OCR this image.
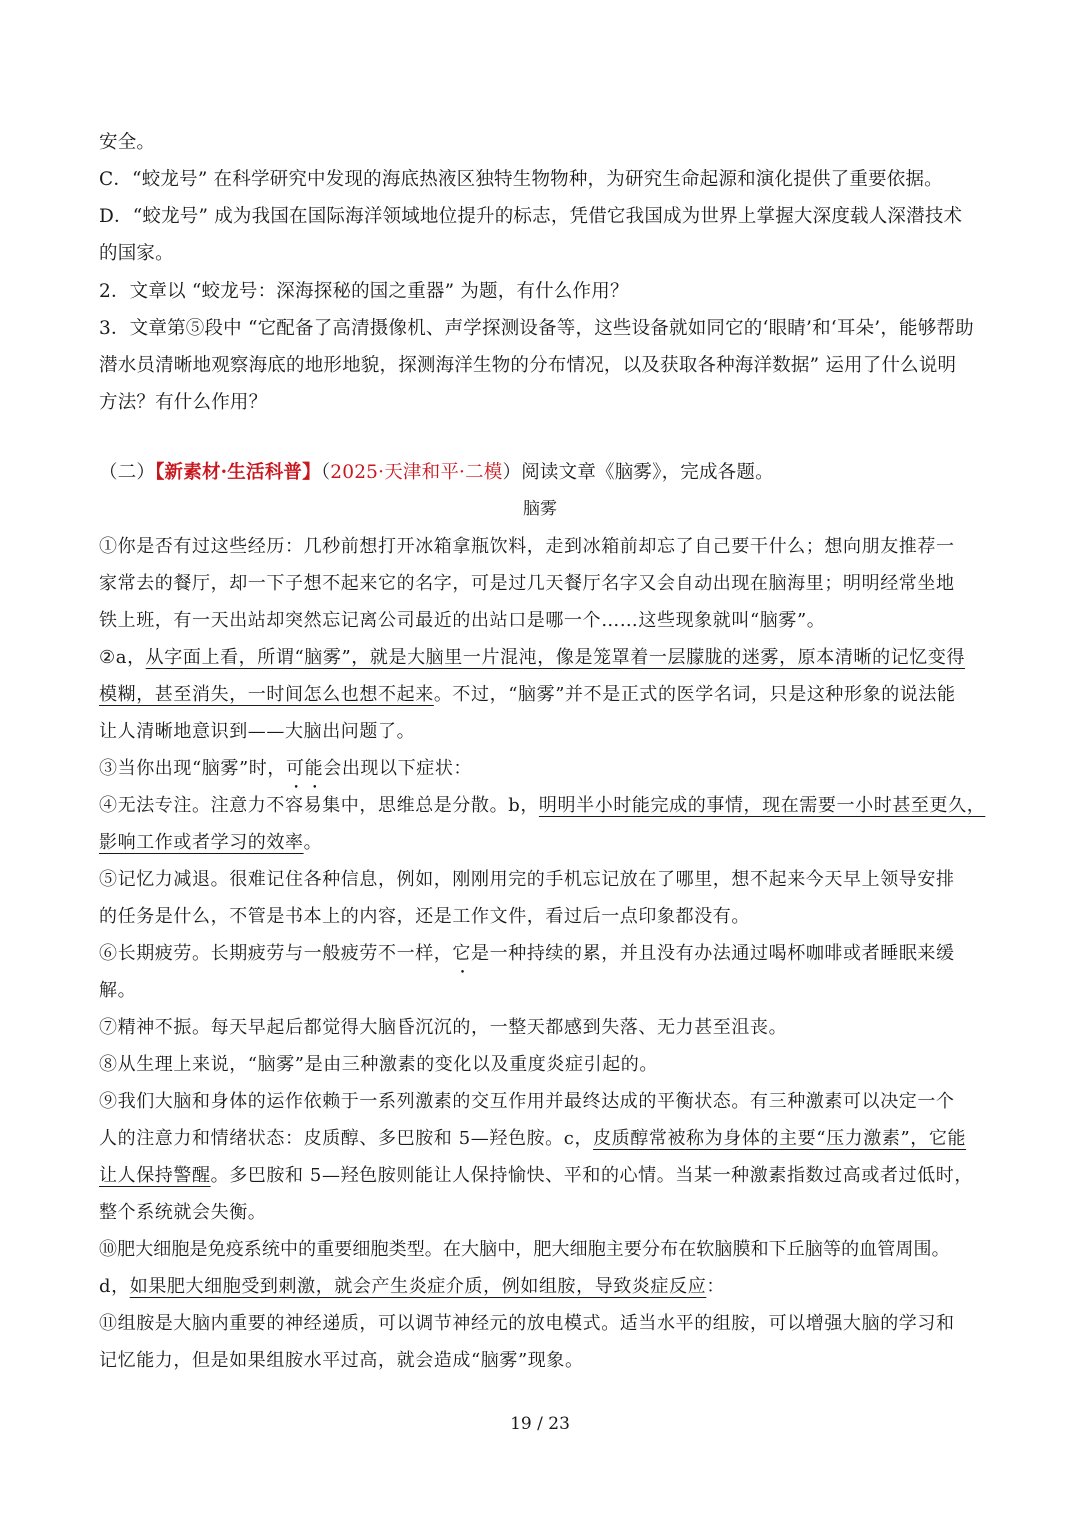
安全。
C．“蛟龙号” 在科学研究中发现的海底热液区独特生物物种，为研究生命起源和演化提供了重要依据。
D．“蛟龙号” 成为我国在国际海洋领域地位提升的标志，凭借它我国成为世界上掌握大深度载人深潜技术
的国家。
2．文章以 “蛟龙号：深海探秘的国之重器” 为题，有什么作用？
3．文章第⑤段中 “它配备了高清摄像机、声学探测设备等，这些设备就如同它的‘眼睛’和‘耳朵’，能够帮助
潜水员清晰地观察海底的地形地貌，探测海洋生物的分布情况，以及获取各种海洋数据” 运用了什么说明
方法？有什么作用？
（二）【新素材·生活科普】（2025·天津和平·二模）阅读文章《脑雾》，完成各题。
脑雾
①你是否有过这些经历：几秒前想打开冰箱拿瓶饮料，走到冰箱前却忘了自己要干什么；想向朋友推荐一
家常去的餐厅，却一下子想不起来它的名字，可是过几天餐厅名字又会自动出现在脑海里；明明经常坐地
铁上班，有一天出站却突然忘记离公司最近的出站口是哪一个……这些现象就叫“脑雾”。
②a，从字面上看，所谓“脑雾”，就是大脑里一片混沌，像是笼罩着一层朦胧的迷雾，原本清晰的记忆变得
模糊，甚至消失，一时间怎么也想不起来。不过，“脑雾”并不是正式的医学名词，只是这种形象的说法能
让人清晰地意识到——大脑出问题了。
③当你出现“脑雾”时，可能会出现以下症状：
④无法专注。注意力不容易集中，思维总是分散。b，明明半小时能完成的事情，现在需要一小时甚至更久，
影响工作或者学习的效率。
⑤记忆力减退。很难记住各种信息，例如，刚刚用完的手机忘记放在了哪里，想不起来今天早上领导安排
的任务是什么，不管是书本上的内容，还是工作文件，看过后一点印象都没有。
⑥长期疲劳。长期疲劳与一般疲劳不一样，它是一种持续的累，并且没有办法通过喝杯咖啡或者睡眠来缓
解。
⑦精神不振。每天早起后都觉得大脑昏沉沉的，一整天都感到失落、无力甚至沮丧。
⑧从生理上来说，“脑雾”是由三种激素的变化以及重度炎症引起的。
⑨我们大脑和身体的运作依赖于一系列激素的交互作用并最终达成的平衡状态。有三种激素可以决定一个
人的注意力和情绪状态：皮质醇、多巴胺和 5—羟色胺。c，皮质醇常被称为身体的主要“压力激素”，它能
让人保持警醒。多巴胺和 5—羟色胺则能让人保持愉快、平和的心情。当某一种激素指数过高或者过低时，
整个系统就会失衡。
⑩肥大细胞是免疫系统中的重要细胞类型。在大脑中，肥大细胞主要分布在软脑膜和下丘脑等的血管周围。
d，如果肥大细胞受到刺激，就会产生炎症介质，例如组胺，导致炎症反应：
⑪组胺是大脑内重要的神经递质，可以调节神经元的放电模式。适当水平的组胺，可以增强大脑的学习和
记忆能力，但是如果组胺水平过高，就会造成“脑雾”现象。
19 / 23
